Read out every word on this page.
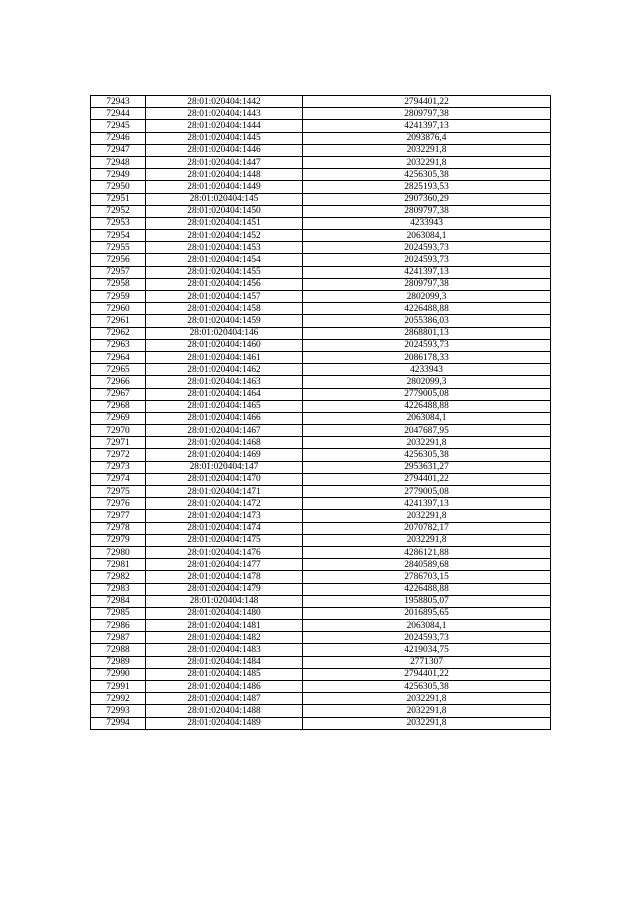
72943	28:01:020404:1442	2794401,22
72944	28:01:020404:1443	2809797,38
72945	28:01:020404:1444	4241397,13
72946	28:01:020404:1445	2093876,4
72947	28:01:020404:1446	2032291,8
72948	28:01:020404:1447	2032291,8
72949	28:01:020404:1448	4256305,38
72950	28:01:020404:1449	2825193,53
72951	28:01:020404:145	2907360,29
72952	28:01:020404:1450	2809797,38
72953	28:01:020404:1451	4233943
72954	28:01:020404:1452	2063084,1
72955	28:01:020404:1453	2024593,73
72956	28:01:020404:1454	2024593,73
72957	28:01:020404:1455	4241397,13
72958	28:01:020404:1456	2809797,38
72959	28:01:020404:1457	2802099,3
72960	28:01:020404:1458	4226488,88
72961	28:01:020404:1459	2055386,03
72962	28:01:020404:146	2868801,13
72963	28:01:020404:1460	2024593,73
72964	28:01:020404:1461	2086178,33
72965	28:01:020404:1462	4233943
72966	28:01:020404:1463	2802099,3
72967	28:01:020404:1464	2779005,08
72968	28:01:020404:1465	4226488,88
72969	28:01:020404:1466	2063084,1
72970	28:01:020404:1467	2047687,95
72971	28:01:020404:1468	2032291,8
72972	28:01:020404:1469	4256305,38
72973	28:01:020404:147	2953631,27
72974	28:01:020404:1470	2794401,22
72975	28:01:020404:1471	2779005,08
72976	28:01:020404:1472	4241397,13
72977	28:01:020404:1473	2032291,8
72978	28:01:020404:1474	2070782,17
72979	28:01:020404:1475	2032291,8
72980	28:01:020404:1476	4286121,88
72981	28:01:020404:1477	2840589,68
72982	28:01:020404:1478	2786703,15
72983	28:01:020404:1479	4226488,88
72984	28:01:020404:148	1958805,07
72985	28:01:020404:1480	2016895,65
72986	28:01:020404:1481	2063084,1
72987	28:01:020404:1482	2024593,73
72988	28:01:020404:1483	4219034,75
72989	28:01:020404:1484	2771307
72990	28:01:020404:1485	2794401,22
72991	28:01:020404:1486	4256305,38
72992	28:01:020404:1487	2032291,8
72993	28:01:020404:1488	2032291,8
72994	28:01:020404:1489	2032291,8
